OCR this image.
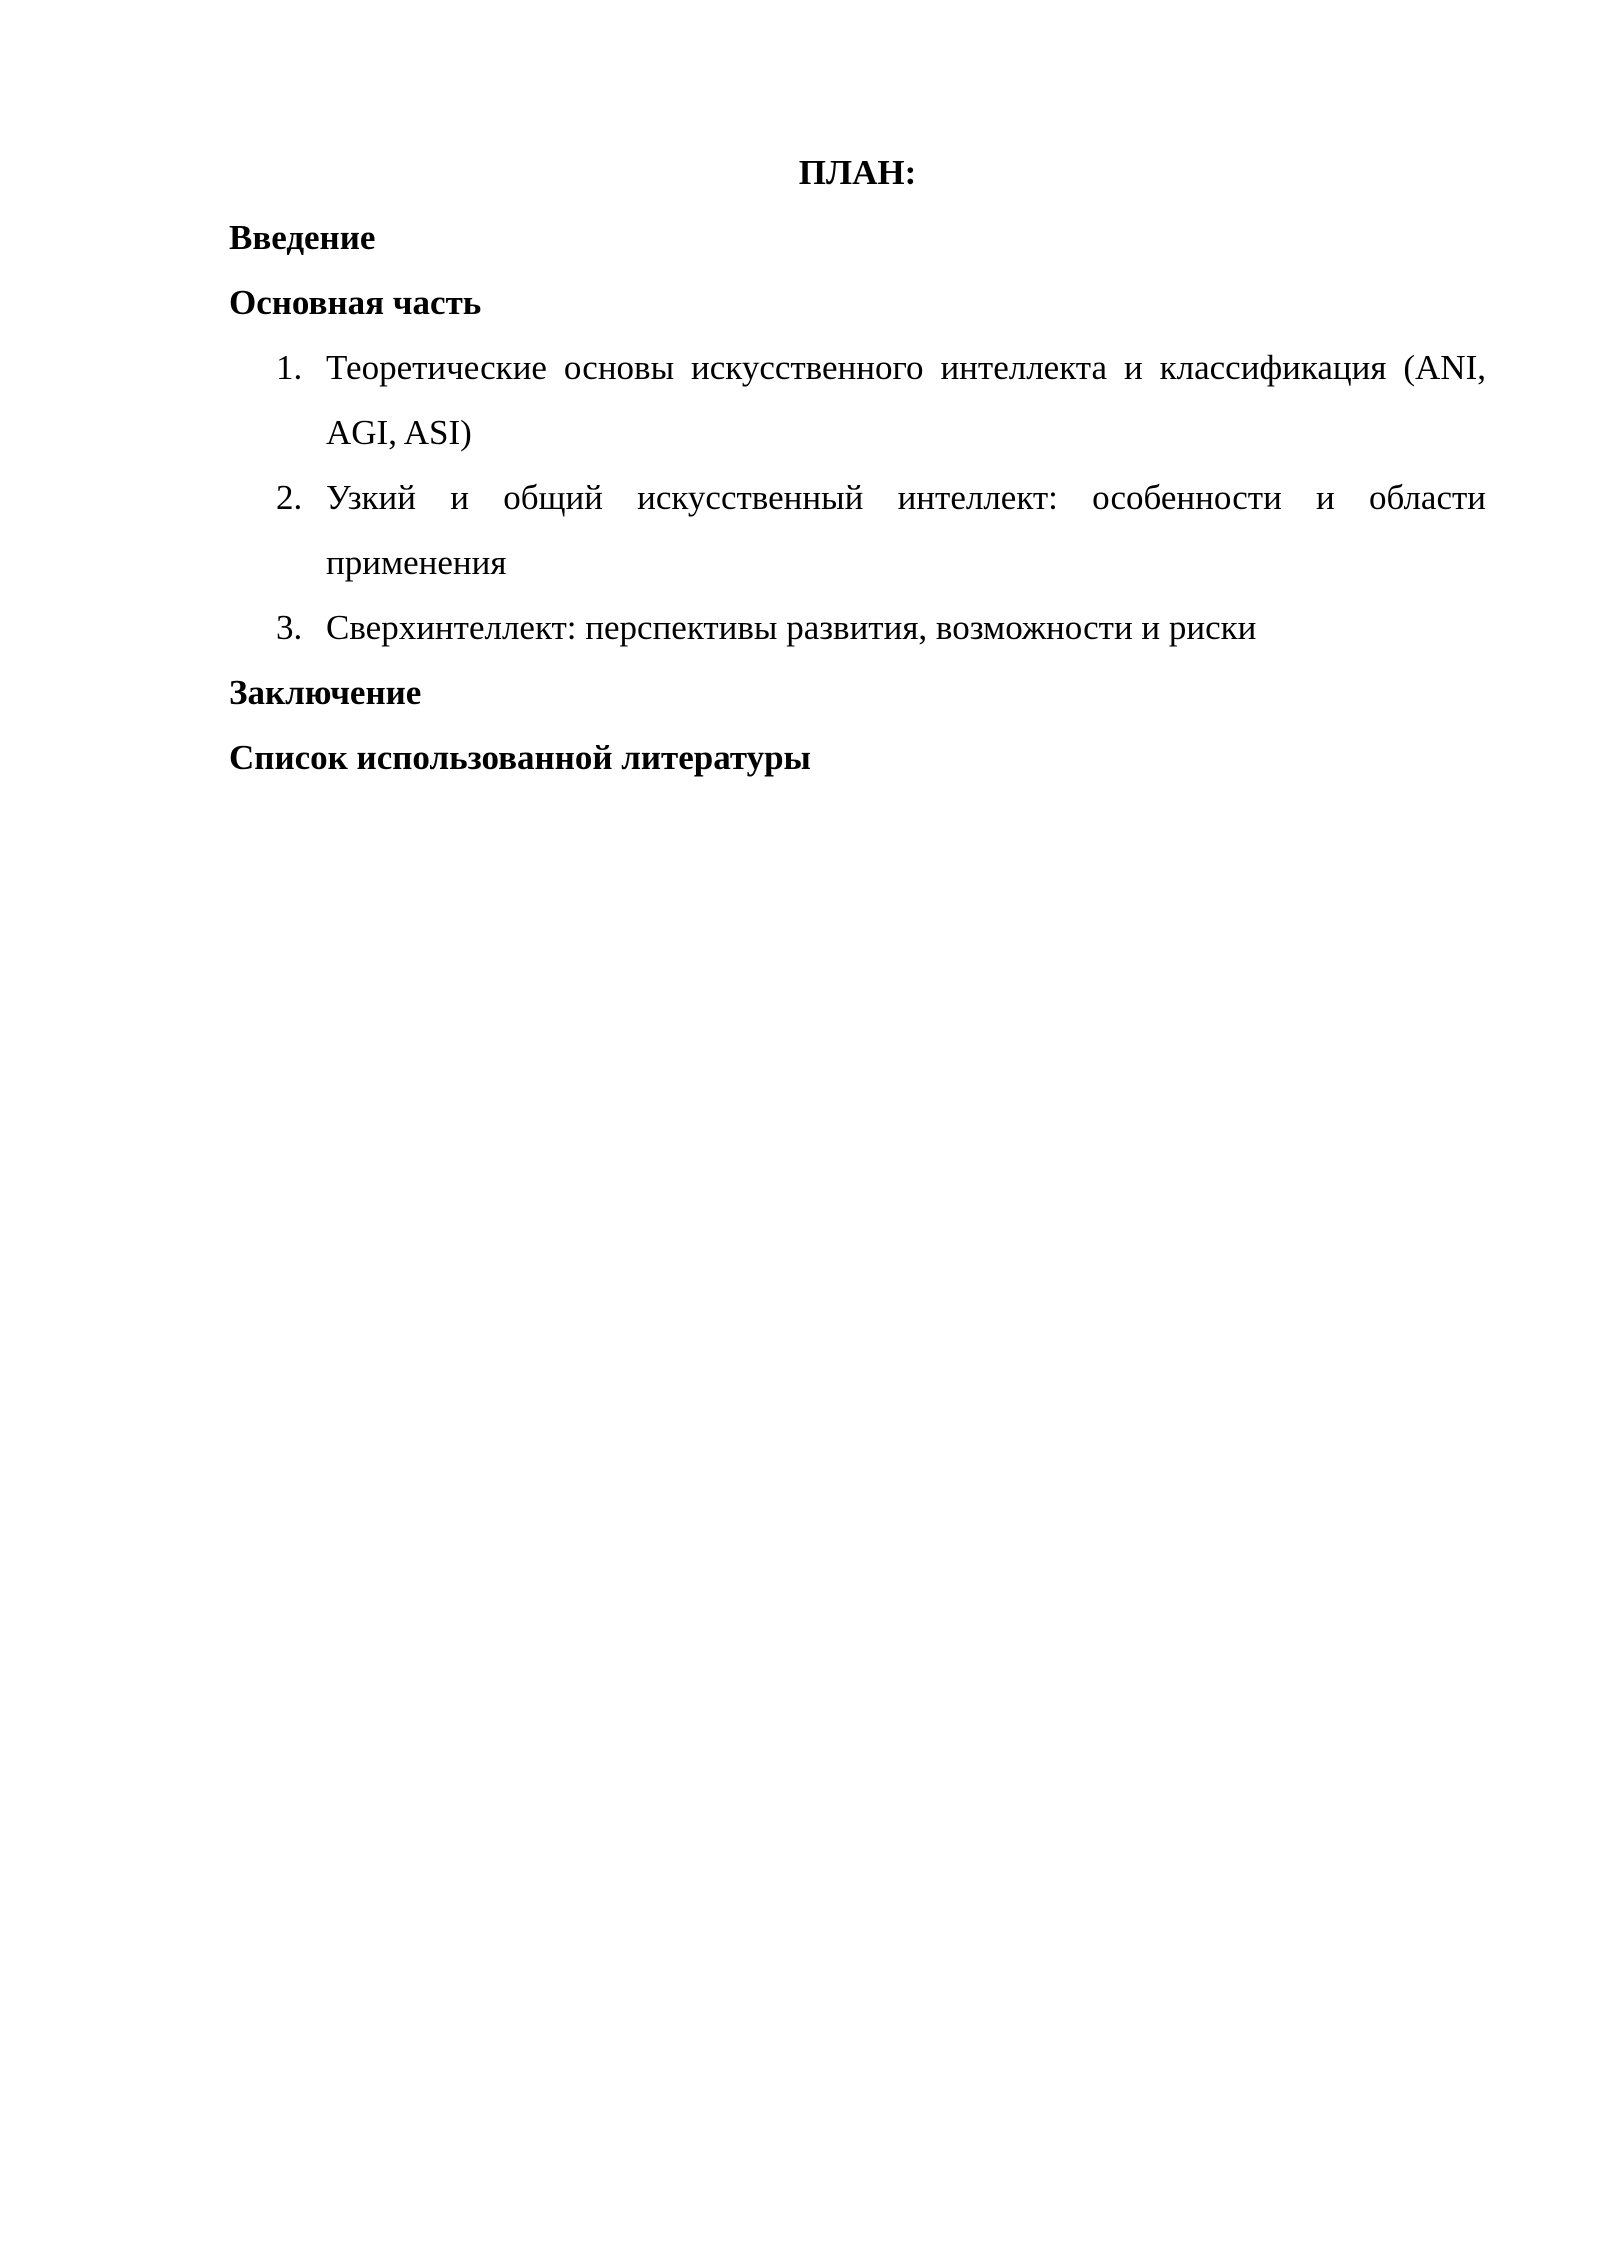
ПЛАН:

Введение

Основная часть

1. Теоретические основы искусственного интеллекта и классификация (ANI, AGI, ASI)
2. Узкий и общий искусственный интеллект: особенности и области применения
3. Сверхинтеллект: перспективы развития, возможности и риски

Заключение

Список использованной литературы
